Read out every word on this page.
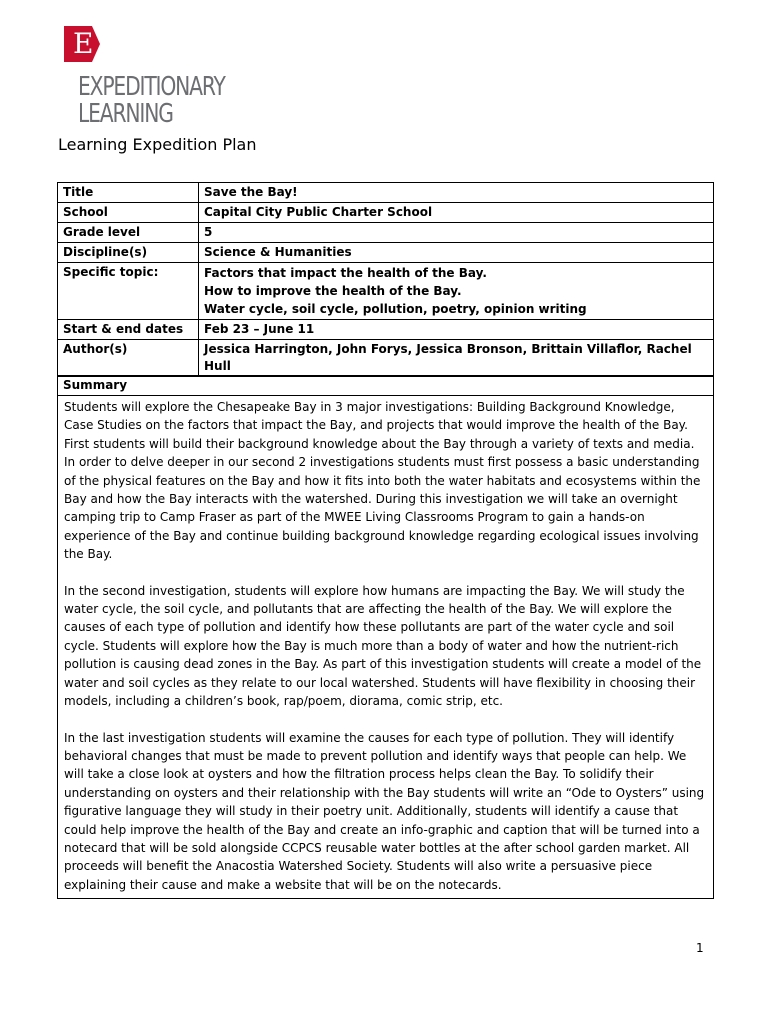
E
EXPEDITIONARY
LEARNING
Learning Expedition Plan
Title	Save the Bay!
School	Capital City Public Charter School
Grade level	5
Discipline(s)	Science & Humanities
Specific topic:	Factors that impact the health of the Bay.
How to improve the health of the Bay.
Water cycle, soil cycle, pollution, poetry, opinion writing

Start & end dates	Feb 23 – June 11
Author(s)	Jessica Harrington, John Forys, Jessica Bronson, Brittain Villaflor, Rachel Hull
Summary

Students will explore the Chesapeake Bay in 3 major investigations: Building Background Knowledge, Case Studies on the factors that impact the Bay, and projects that would improve the health of the Bay. First students will build their background knowledge about the Bay through a variety of texts and media. In order to delve deeper in our second 2 investigations students must first possess a basic understanding of the physical features on the Bay and how it fits into both the water habitats and ecosystems within the Bay and how the Bay interacts with the watershed. During this investigation we will take an overnight camping trip to Camp Fraser as part of the MWEE Living Classrooms Program to gain a hands-on experience of the Bay and continue building background knowledge regarding ecological issues involving the Bay.

In the second investigation, students will explore how humans are impacting the Bay. We will study the water cycle, the soil cycle, and pollutants that are affecting the health of the Bay. We will explore the causes of each type of pollution and identify how these pollutants are part of the water cycle and soil cycle. Students will explore how the Bay is much more than a body of water and how the nutrient-rich pollution is causing dead zones in the Bay. As part of this investigation students will create a model of the water and soil cycles as they relate to our local watershed. Students will have flexibility in choosing their models, including a children’s book, rap/poem, diorama, comic strip, etc.

In the last investigation students will examine the causes for each type of pollution. They will identify behavioral changes that must be made to prevent pollution and identify ways that people can help. We will take a close look at oysters and how the filtration process helps clean the Bay. To solidify their understanding on oysters and their relationship with the Bay students will write an “Ode to Oysters” using figurative language they will study in their poetry unit. Additionally, students will identify a cause that could help improve the health of the Bay and create an info-graphic and caption that will be turned into a notecard that will be sold alongside CCPCS reusable water bottles at the after school garden market. All proceeds will benefit the Anacostia Watershed Society. Students will also write a persuasive piece explaining their cause and make a website that will be on the notecards.

1
